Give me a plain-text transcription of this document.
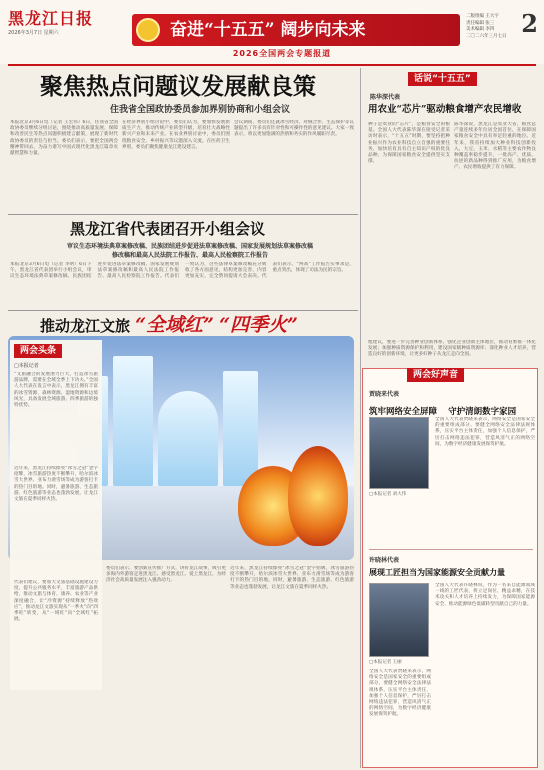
黑龙江日报
2026年3月7日 星期六	奋进“十五五” 阔步向未来
2026全国两会专题报道
二版组编 王大宇
责任编辑 张三
美术编辑 李四
二〇二六年三月七日 2
聚焦热点问题议发展献良策
住我省全国政协委员参加界别协商和小组会议
本报北京3月6日电（记者 王宏伟）6日，住我省全国政协委员继续分组讨论，围绕推动高质量发展、保障和改善民生等热点问题积极建言献策，展现了新时代政协委员的责任与担当。委员们表示，要把全国两会精神带回去，为奋力谱写中国式现代化黑龙江篇章贡献智慧和力量。
在经济界别小组讨论中，委员们认为，要加快发展新质生产力，推动传统产业转型升级，培育壮大战略性新兴产业和未来产业。在农业界别讨论中，委员们围绕粮食安全、乡村振兴等议题深入交流。在医药卫生界别，委员们聚焦健康龙江建设建言。
会议期间，委员们还就冰雪经济、对俄合作、生态保护等议题提出了许多具有针对性和可操作性的意见建议。大家一致表示，将以更加饱满的热情和务实的作风履职尽责。
黑龙江省代表团召开小组会议
审议生态环境法典草案修改稿、民族团结进步促进法草案修改稿、国家发展规划法草案修改稿
修改稿和最高人民法院工作报告、最高人民检察院工作报告
本报北京3月6日电（记者 李明）6日下午，黑龙江省代表团举行小组会议，审议生态环境法典草案修改稿、民族团结进步促进法草案修改稿、国家发展规划法草案修改稿和最高人民法院工作报告、最高人民检察院工作报告。代表们一致认为，这些法律草案修改稿充分吸收了各方面意见，结构更加完善、内容更加充实，完全赞同提请大会表决。代表们表示，“两高”工作报告实事求是、重点突出，体现了司法为民的宗旨。
推动龙江文旅 “全域红” “四季火”
两会头条
□本报记者
“文旅融合的发展潜力巨大，打造冰雪旅游品牌，需要在全域全季上下功夫。”全国人大代表在发言中表示，黑龙江拥有丰富的冰雪资源、森林资源、湿地资源和边境风光，具备发展全域旅游、四季旅游的独特优势。
近年来，黑龙江持续擦亮“冰雪之冠”金字招牌，冰雪旅游热度不断攀升，哈尔滨冰雪大世界、亚布力滑雪场等成为游客打卡的热门目的地。同时，避暑旅游、生态旅游、红色旅游等业态也蓬勃发展，让龙江文旅在夏季同样火热。
代表们建议，要加大文旅基础设施建设力度，提升公共服务水平，丰富旅游产品供给，推动文旅与体育、康养、农业等产业深度融合，让“冷资源”持续释放“热效应”，推动龙江文旅实现从“一季火”向“四季旺”转变，从“一域红”向“全域红”拓展。
委员们表示，要创新宣传推广方式，讲好龙江故事，吸引更多海内外游客走进黑龙江、感受黑龙江、爱上黑龙江，为经济社会高质量发展注入强劲动力。
近年来，黑龙江持续擦亮“冰雪之冠”金字招牌，冰雪旅游热度不断攀升，哈尔滨冰雪大世界、亚布力滑雪场等成为游客打卡的热门目的地。同时，避暑旅游、生态旅游、红色旅游等业态也蓬勃发展，让龙江文旅在夏季同样火热。
话说“十五五”
陈华深代表
用农业“芯片”驱动粮食增产农民增收
种子是农业的“芯片”，是粮食安全的根基。全国人大代表陈华深在接受记者采访时表示，“十五五”时期，要坚持把种业振兴作为农业科技自立自强的重要任务，加快培育具有自主知识产权的优良品种，为保障国家粮食安全提供坚实支撑。
陈华深说，黑龙江是农业大省，粮食总产量连续多年位居全国首位，在保障国家粮食安全中具有举足轻重的地位。近年来，我省持续加大种业科技创新投入，大豆、玉米、水稻等主要农作物良种覆盖率稳步提升，一批高产、优质、抗逆的新品种得到推广应用，为粮食增产、农民增收提供了有力保障。
他建议，要进一步完善种业创新体系，强化企业创新主体地位，推动育繁推一体化发展；加强种质资源保护和利用，建设国家级种质资源库；深化种业人才培养，营造良好的创新环境，让更多好种子从龙江走向全国。
两会好声音
贾晓来代表
筑牢网络安全屏障 守护清朗数字家园
□本报记者 刘大伟
全国人大代表贾晓来表示，网络安全是国家安全的重要组成部分。要健全网络安全法律法规体系，压实平台主体责任，加强个人信息保护，严厉打击网络违法犯罪，营造风清气正的网络空间，为数字经济健康发展保驾护航。
许晓林代表
展现工匠担当为国家能源安全贡献力量
□本报记者 王丽
全国人大代表许晓林说，作为一名来自能源领域一线的工匠代表，将立足岗位、精益求精，在技术攻关和人才培养上持续发力，为保障国家能源安全、推动能源绿色低碳转型贡献自己的力量。
全国人大代表贾晓来表示，网络安全是国家安全的重要组成部分。要健全网络安全法律法规体系，压实平台主体责任，加强个人信息保护，严厉打击网络违法犯罪，营造风清气正的网络空间，为数字经济健康发展保驾护航。
